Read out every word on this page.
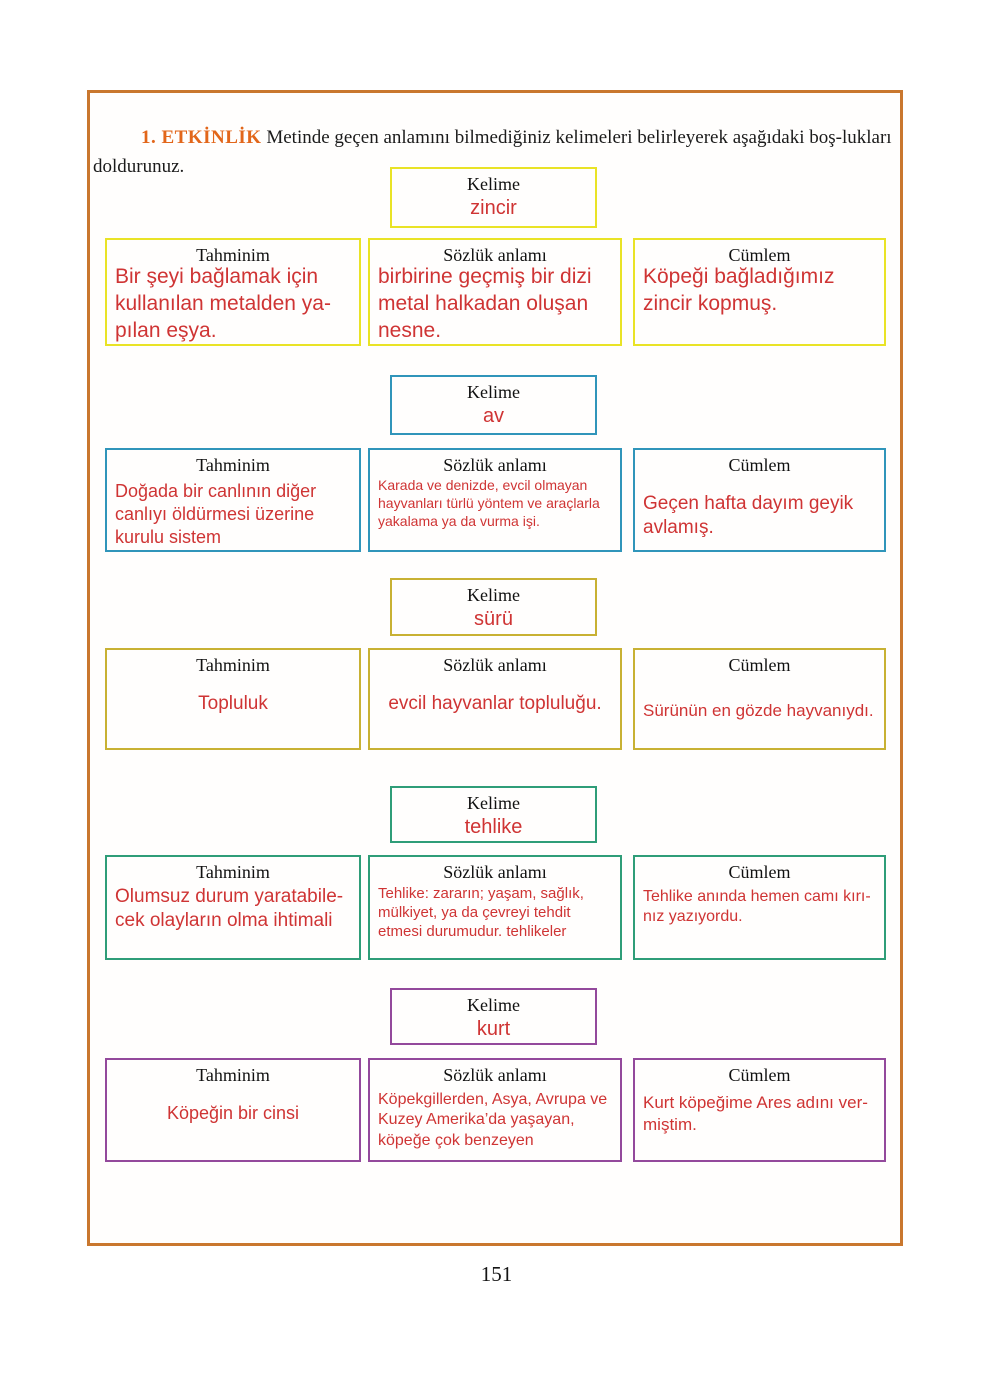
1. ETKİNLİK Metinde geçen anlamını bilmediğiniz kelimeleri belirleyerek aşağıdaki boş-lukları doldurunuz.

Kelime
zincir
Tahminim
Bir şeyi bağlamak için kullanılan metalden ya-pılan eşya.
Sözlük anlamı
birbirine geçmiş bir dizi metal halkadan oluşan nesne.
Cümlem
Köpeği bağladığımız zincir kopmuş.
Kelime
av
Tahminim
Doğada bir canlının diğer canlıyı öldürmesi üzerine kurulu sistem
Sözlük anlamı
Karada ve denizde, evcil olmayan hayvanları türlü yöntem ve araçlarla yakalama ya da vurma işi.
Cümlem
Geçen hafta dayım geyik avlamış.
Kelime
sürü
Tahminim
Topluluk
Sözlük anlamı
evcil hayvanlar topluluğu.
Cümlem
Sürünün en gözde hayvanıydı.
Kelime
tehlike
Tahminim
Olumsuz durum yaratabile-cek olayların olma ihtimali
Sözlük anlamı
Tehlike: zararın; yaşam, sağlık, mülkiyet, ya da çevreyi tehdit etmesi durumudur. tehlikeler
Cümlem
Tehlike anında hemen camı kırı-nız yazıyordu.
Kelime
kurt
Tahminim
Köpeğin bir cinsi
Sözlük anlamı
Köpekgillerden, Asya, Avrupa ve Kuzey Amerika’da yaşayan, köpeğe çok benzeyen
Cümlem
Kurt köpeğime Ares adını ver-miştim.
151
